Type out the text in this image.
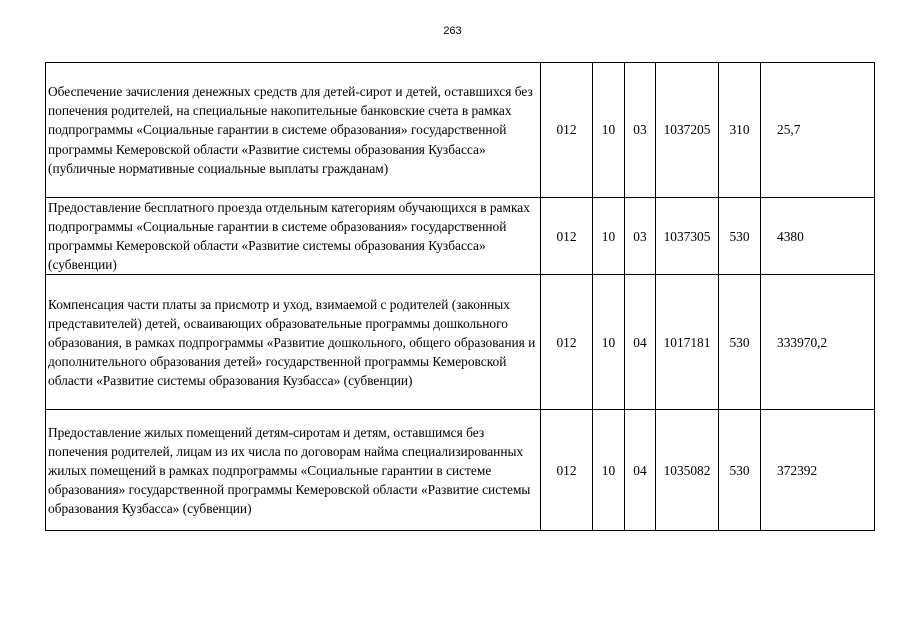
263
Обеспечение зачисления денежных средств для детей-сирот и детей, оставшихся без попечения родителей, на специальные накопительные банковские счета в рамках подпрограммы «Социальные гарантии в системе образования» государственной программы Кемеровской области «Развитие системы образования Кузбасса» (публичные нормативные социальные выплаты гражданам)	012	10	03	1037205	310	25,7
Предоставление бесплатного проезда отдельным категориям обучающихся в рамках подпрограммы «Социальные гарантии в системе образования» государственной программы Кемеровской области «Развитие системы образования Кузбасса» (субвенции)	012	10	03	1037305	530	4380
Компенсация части платы за присмотр и уход, взимаемой с родителей (законных представителей) детей, осваивающих образовательные программы дошкольного образования, в рамках подпрограммы «Развитие дошкольного, общего образования и дополнительного образования детей» государственной программы Кемеровской области «Развитие системы образования Кузбасса» (субвенции)	012	10	04	1017181	530	333970,2
Предоставление жилых помещений детям-сиротам и детям, оставшимся без попечения родителей, лицам из их числа по договорам найма специализированных жилых помещений в рамках подпрограммы «Социальные гарантии в системе образования» государственной программы Кемеровской области «Развитие системы образования Кузбасса» (субвенции)	012	10	04	1035082	530	372392
